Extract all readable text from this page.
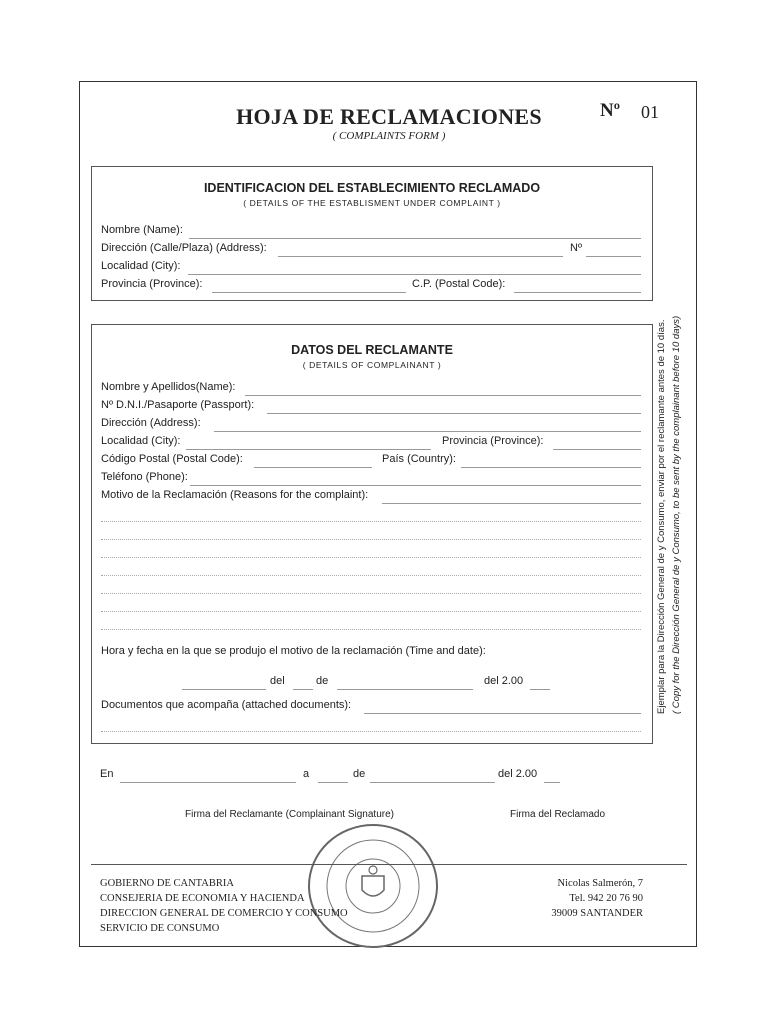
HOJA DE RECLAMACIONES
( COMPLAINTS FORM )
Nº 01
IDENTIFICACION DEL ESTABLECIMIENTO RECLAMADO
( DETAILS OF THE ESTABLISMENT UNDER COMPLAINT )
Nombre (Name):
Dirección (Calle/Plaza) (Address):	Nº
Localidad (City):
Provincia (Province):	C.P. (Postal Code):
DATOS DEL RECLAMANTE
( DETAILS OF COMPLAINANT )
Nombre y Apellidos(Name):
Nº D.N.I./Pasaporte (Passport):
Dirección (Address):
Localidad (City):	Provincia (Province):
Código Postal (Postal Code):	País (Country):
Teléfono (Phone):
Motivo de la Reclamación (Reasons for the complaint):
Hora y fecha en la que se produjo el motivo de la reclamación (Time and date):
del	de	del 2.00
Documentos que acompaña (attached documents):
En	a	de	del 2.00
Firma del Reclamante (Complainant Signature)	Firma del Reclamado
GOBIERNO DE CANTABRIA
CONSEJERIA DE ECONOMIA Y HACIENDA
DIRECCION GENERAL DE COMERCIO Y CONSUMO
SERVICIO DE CONSUMO
Nicolas Salmerón, 7
Tel. 942 20 76 90
39009 SANTANDER
Ejemplar para la Dirección General de y Consumo, enviar por el reclamante antes de 10 días. ( Copy for the Dirección General de y Consumo, to be sent by the complainant before 10 days)
